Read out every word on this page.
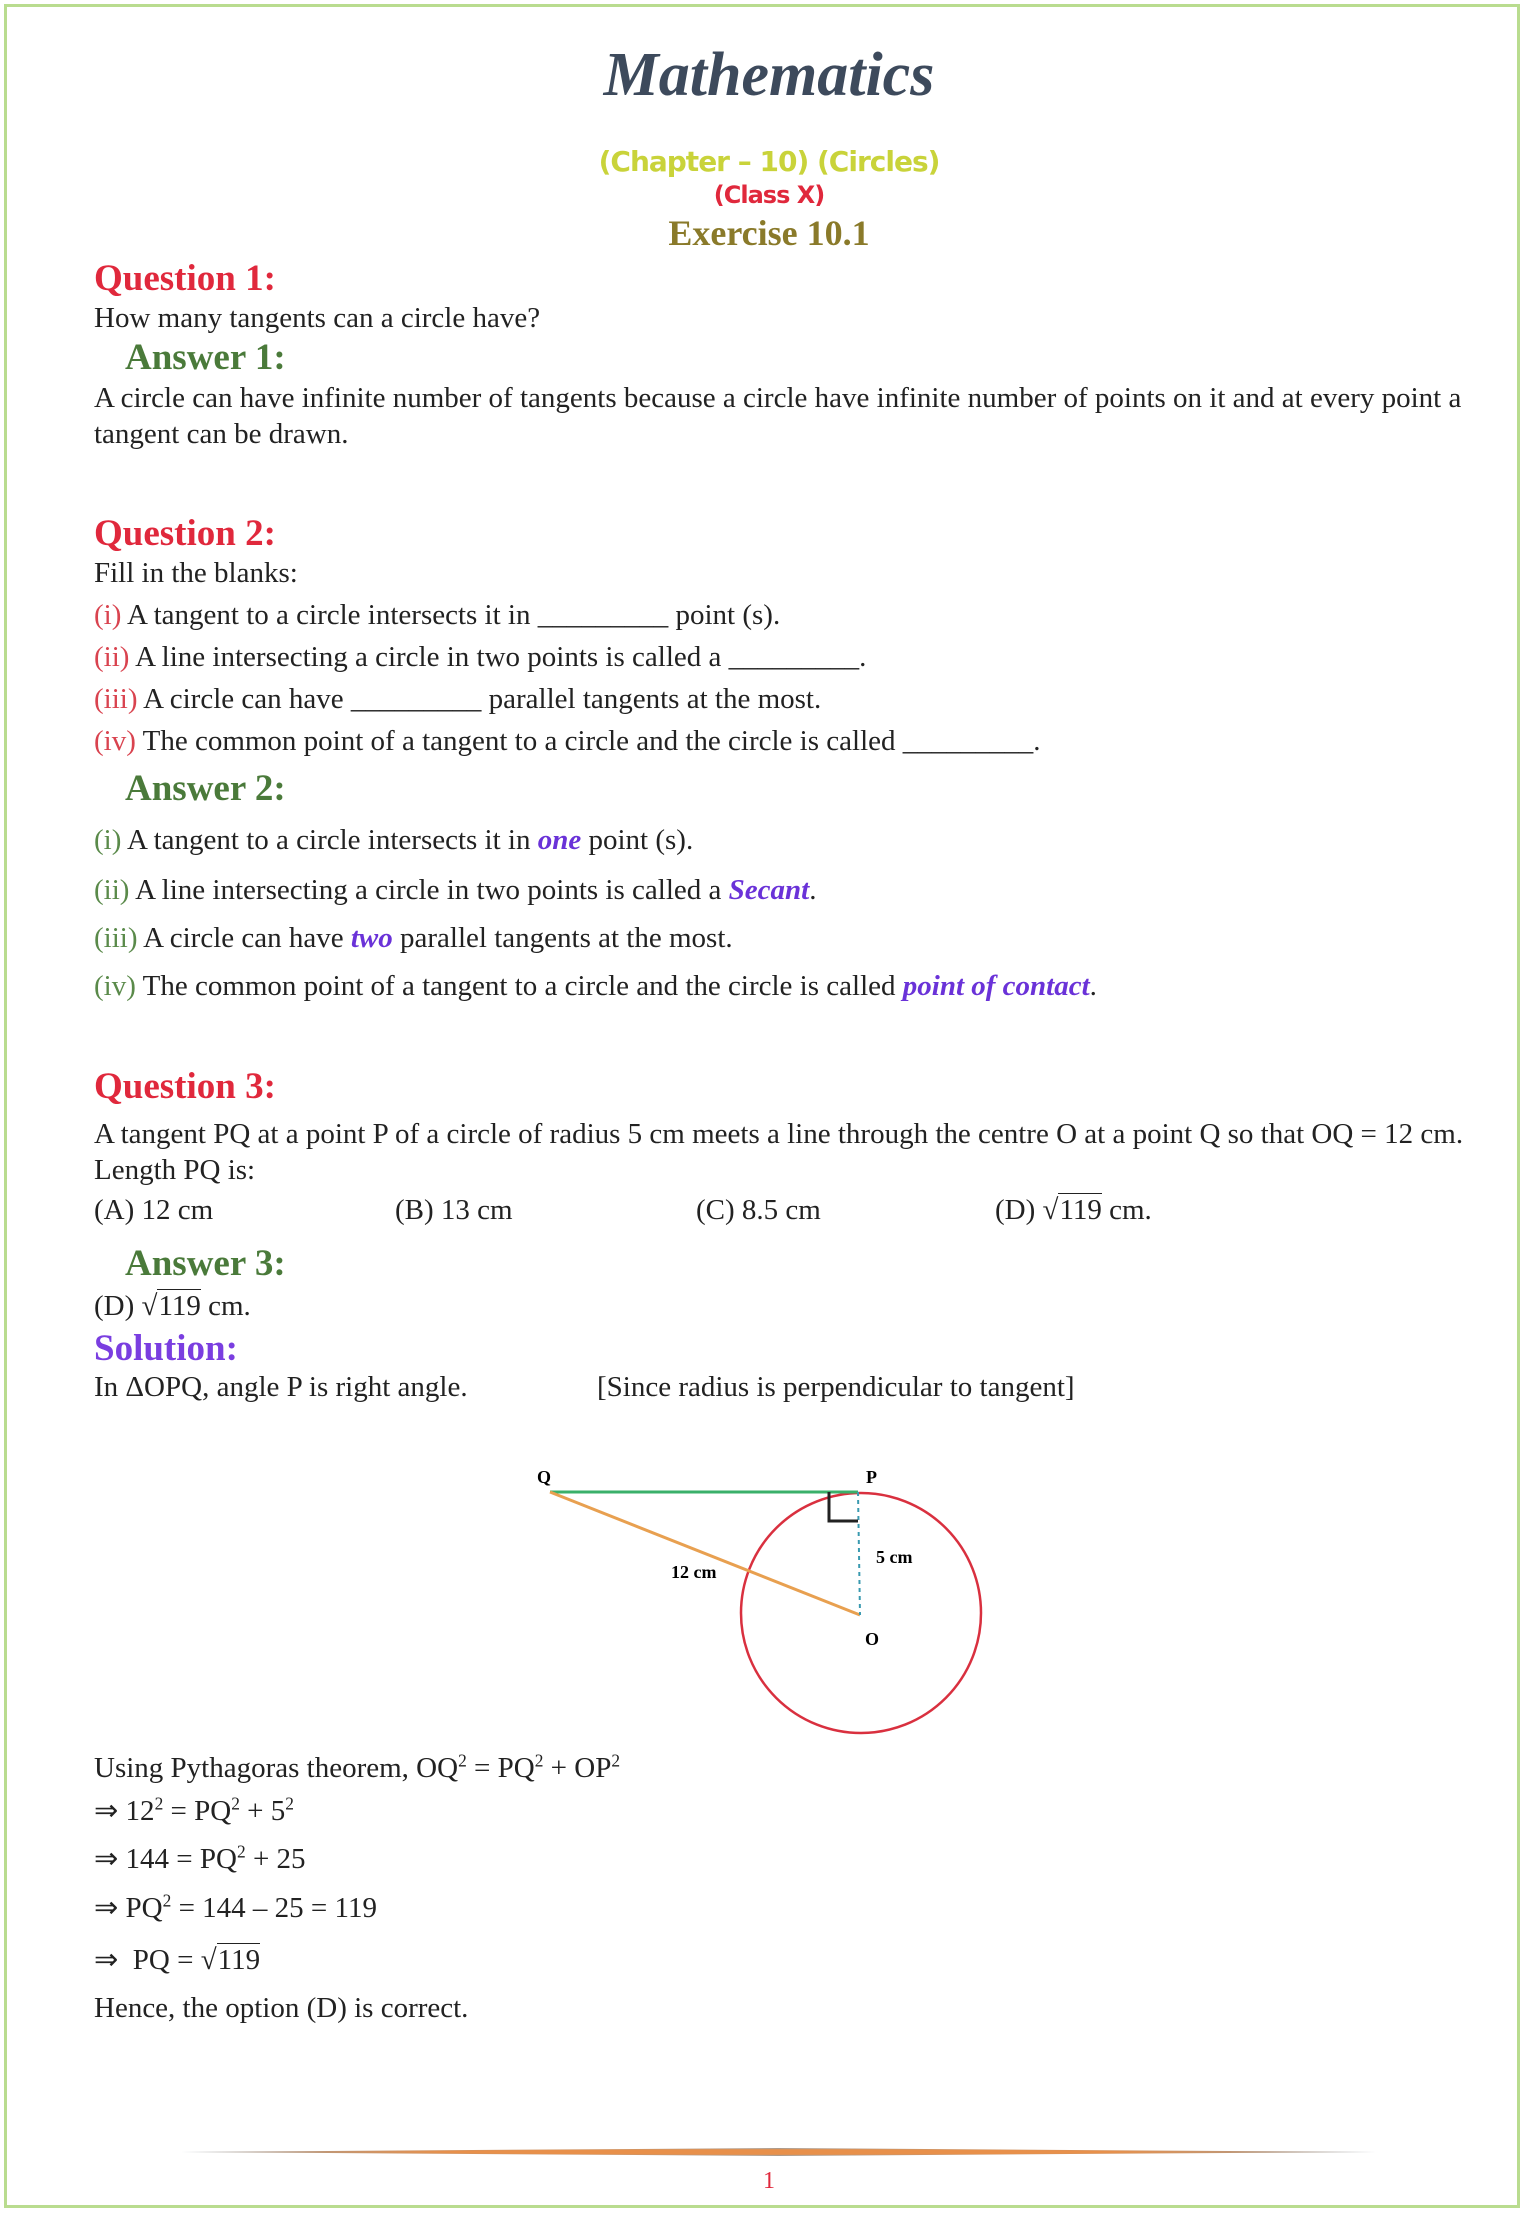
Mathematics
(Chapter – 10) (Circles)
(Class X)
Exercise 10.1
Question 1:
How many tangents can a circle have?
Answer 1:
A circle can have infinite number of tangents because a circle have infinite number of points on it and at every point a tangent can be drawn.
Question 2:
Fill in the blanks:
(i) A tangent to a circle intersects it in _________ point (s).
(ii) A line intersecting a circle in two points is called a _________.
(iii) A circle can have _________ parallel tangents at the most.
(iv) The common point of a tangent to a circle and the circle is called _________.
Answer 2:
(i) A tangent to a circle intersects it in one point (s).
(ii) A line intersecting a circle in two points is called a Secant.
(iii) A circle can have two parallel tangents at the most.
(iv) The common point of a tangent to a circle and the circle is called point of contact.
Question 3:
A tangent PQ at a point P of a circle of radius 5 cm meets a line through the centre O at a point Q so that OQ = 12 cm. Length PQ is:
(A) 12 cm	(B) 13 cm	(C) 8.5 cm	(D) √119 cm.
Answer 3:
(D) √119 cm.
Solution:
In ΔOPQ, angle P is right angle.	[Since radius is perpendicular to tangent]
Q	P
O
12 cm
5 cm
Using Pythagoras theorem, $OQ^2 = PQ^2 + OP^2$
⇒ $12^2 = PQ^2 + 5^2$
⇒ $144 = PQ^2 + 25$
⇒ $PQ^2 = 144 - 25 = 119$
⇒  PQ = √119
Hence, the option (D) is correct.
1
